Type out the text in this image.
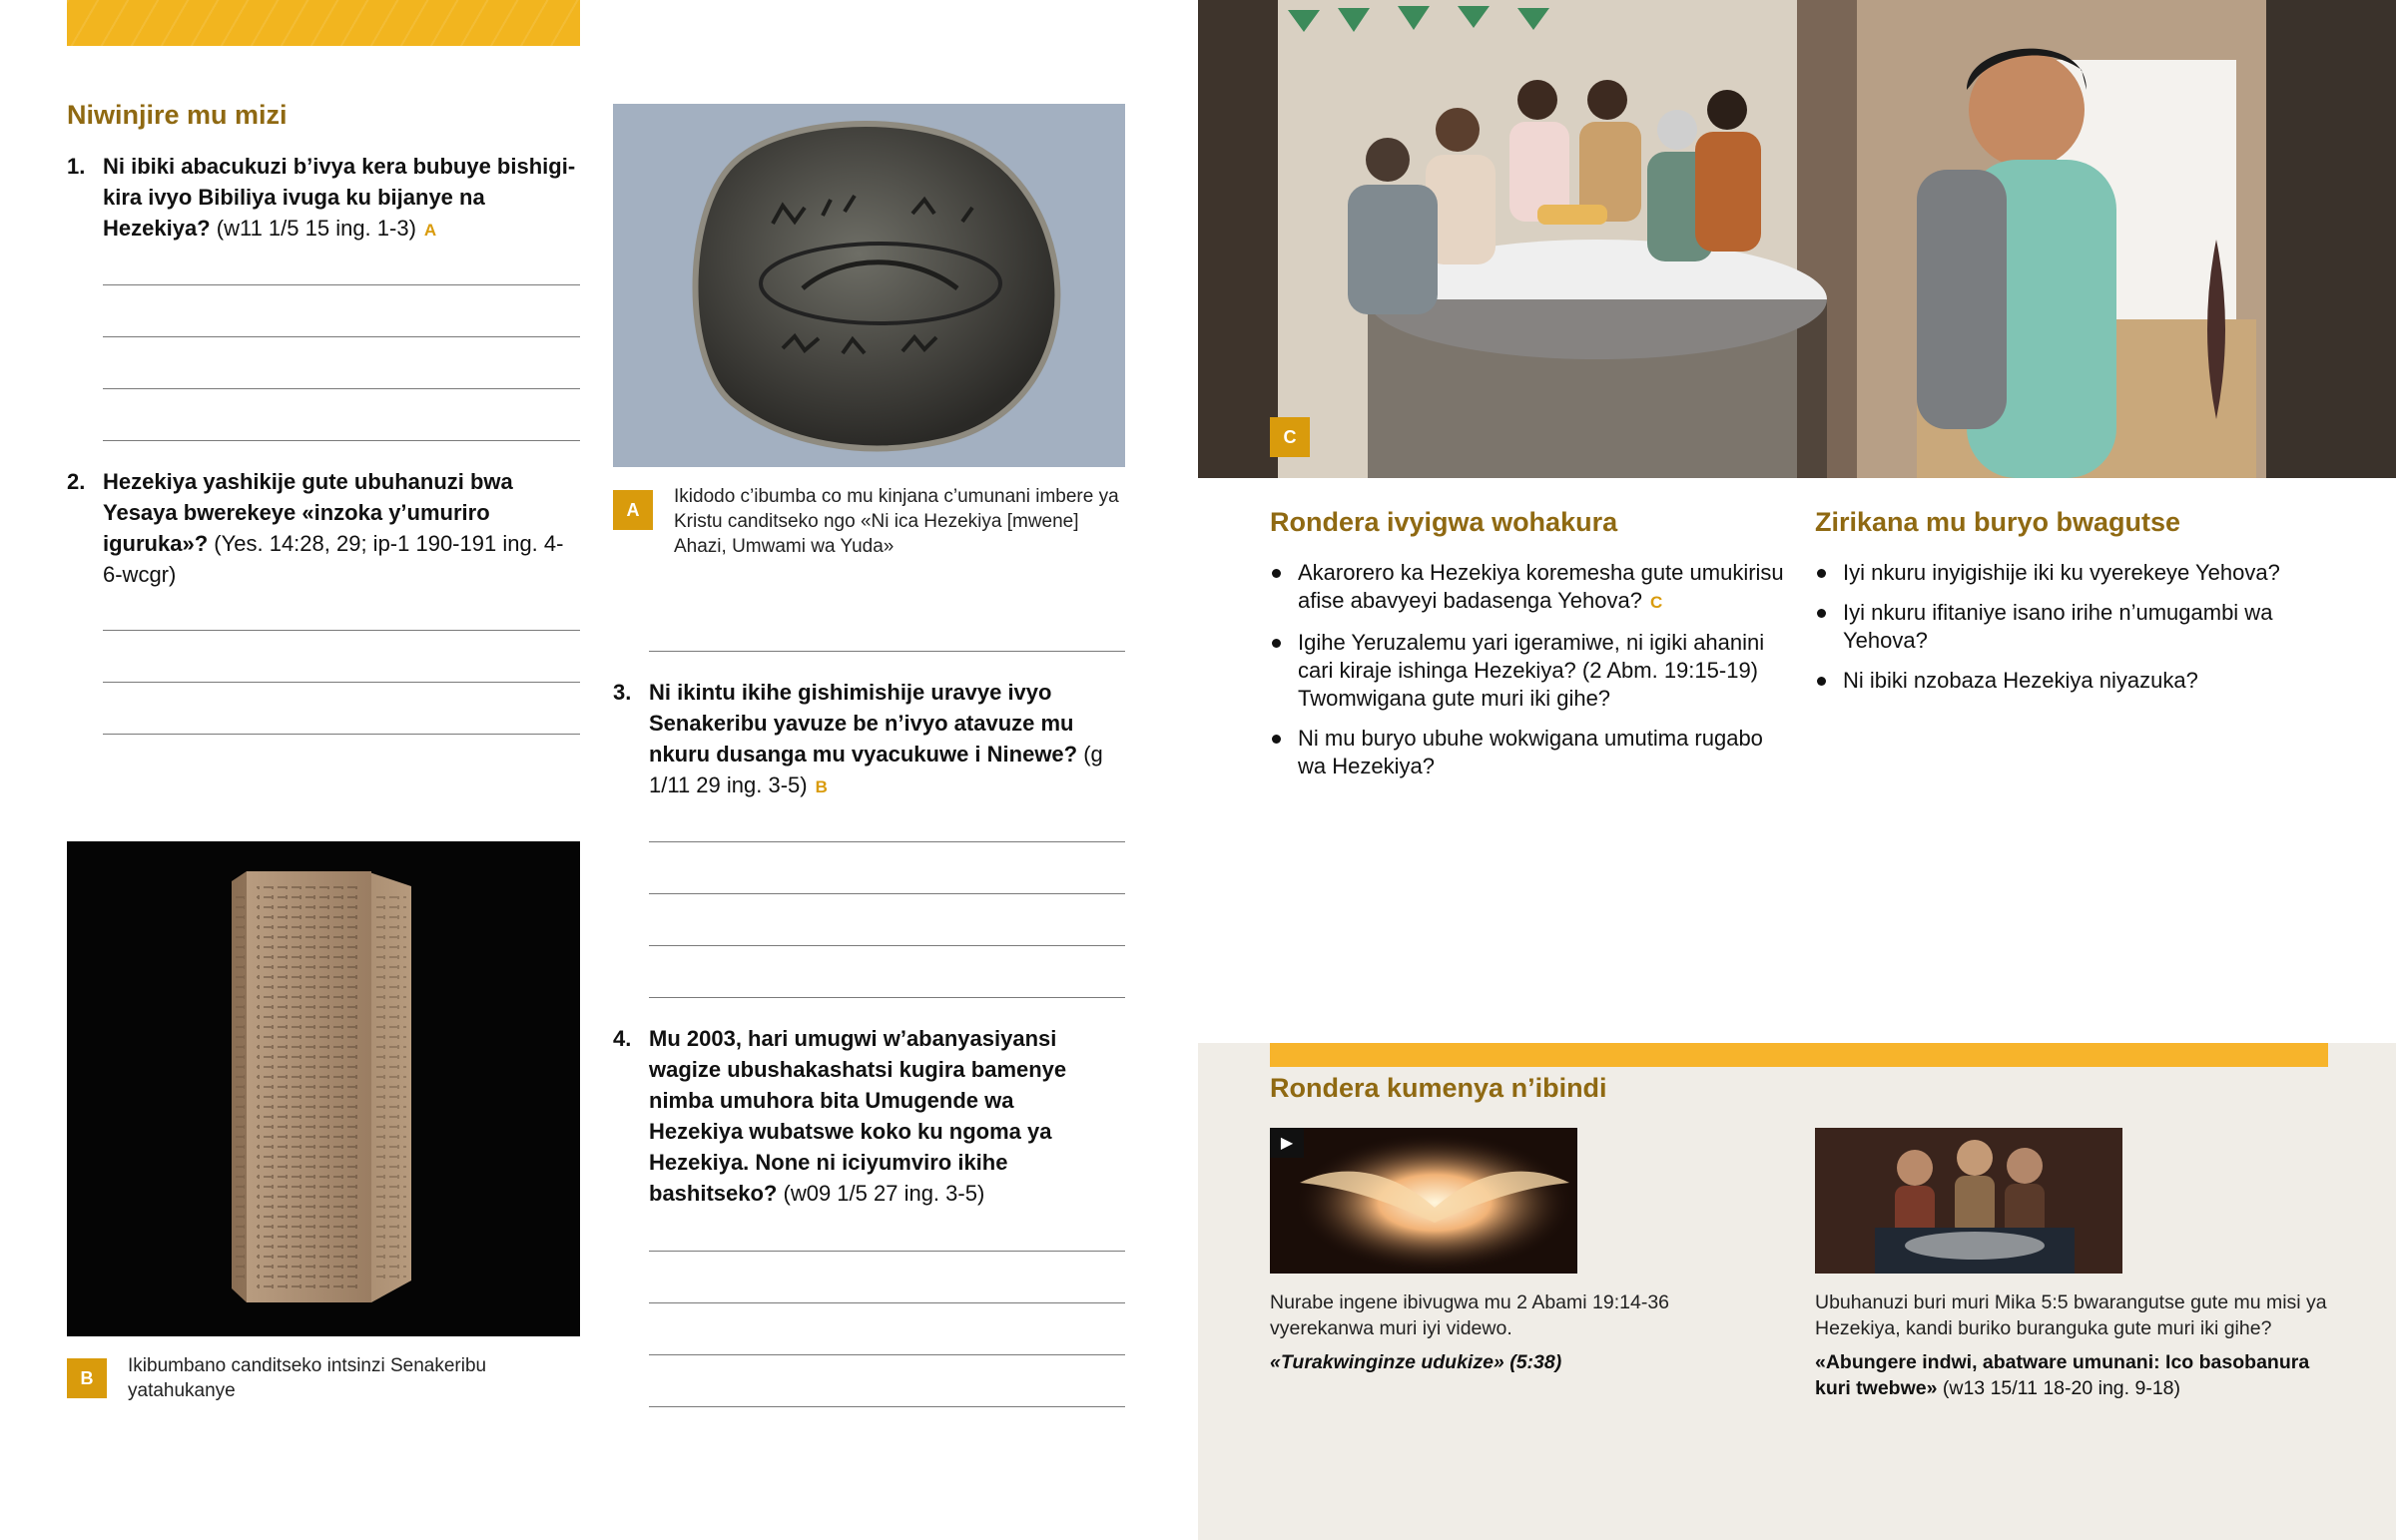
Niwinjire mu mizi
1. Ni ibiki abacukuzi b’ivya kera bubuye bishigikira ivyo Bibiliya ivuga ku bijanye na Hezekiya? (w11 1/5 15 ing. 1-3) A
2. Hezekiya yashikije gute ubuhanuzi bwa Yesaya bwerekeye «inzoka y’umuriro iguruka»? (Yes. 14:28, 29; ip-1 190-191 ing. 4-6-wcgr)
A
Ikidodo c’ibumba co mu kinjana c’umunani imbere ya Kristu canditseko ngo «Ni ica Hezekiya [mwene] Ahazi, Umwami wa Yuda»
3. Ni ikintu ikihe gishimishije uravye ivyo Senakeribu yavuze be n’ivyo atavuze mu nkuru dusanga mu vyacukuwe i Ninewe? (g 1/11 29 ing. 3-5) B
4. Mu 2003, hari umugwi w’abanyasiyansi wagize ubushakashatsi kugira bamenye nimba umuhora bita Umugende wa Hezekiya wubatswe koko ku ngoma ya Hezekiya. None ni iciyumviro ikihe bashitseko? (w09 1/5 27 ing. 3-5)
B
Ikibumbano canditseko intsinzi Senakeribu yatahukanye
C
Rondera ivyigwa wohakura
Akarorero ka Hezekiya koremesha gute umukirisu afise abavyeyi badasenga Yehova? C
Igihe Yeruzalemu yari igeramiwe, ni igiki ahanini cari kiraje ishinga Hezekiya? (2 Abm. 19:15-19) Twomwigana gute muri iki gihe?
Ni mu buryo ubuhe wokwigana umutima rugabo wa Hezekiya?
Zirikana mu buryo bwagutse
Iyi nkuru inyigishije iki ku vyerekeye Yehova?
Iyi nkuru ifitaniye isano irihe n’umugambi wa Yehova?
Ni ibiki nzobaza Hezekiya niyazuka?
Rondera kumenya n’ibindi
▶
Nurabe ingene ibivugwa mu 2 Abami 19:14-36 vyerekanwa muri iyi videwo.
«Turakwinginze udukize» (5:38)
Ubuhanuzi buri muri Mika 5:5 bwarangutse gute mu misi ya Hezekiya, kandi buriko buranguka gute muri iki gihe?
«Abungere indwi, abatware umunani: Ico basobanura kuri twebwe» (w13 15/11 18-20 ing. 9-18)
